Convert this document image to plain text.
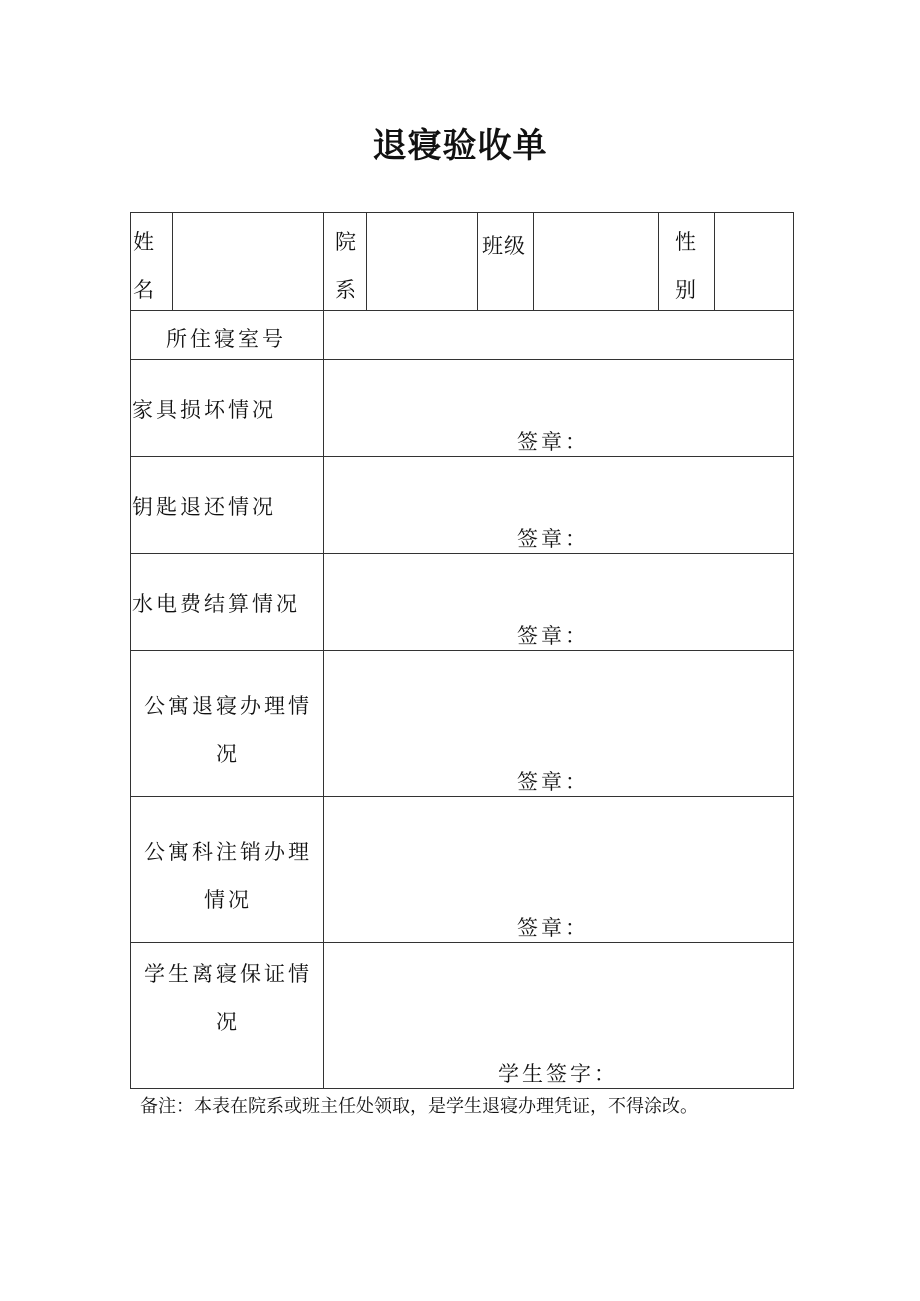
退寝验收单
姓名
院系
班级	性别
所住寝室号
家具损坏情况
签章：
钥匙退还情况
签章：
水电费结算情况
签章：
公寓退寝办理情况
签章：
公寓科注销办理情况
签章：
学生离寝保证情况
学生签字：
备注：本表在院系或班主任处领取，是学生退寝办理凭证，不得涂改。
